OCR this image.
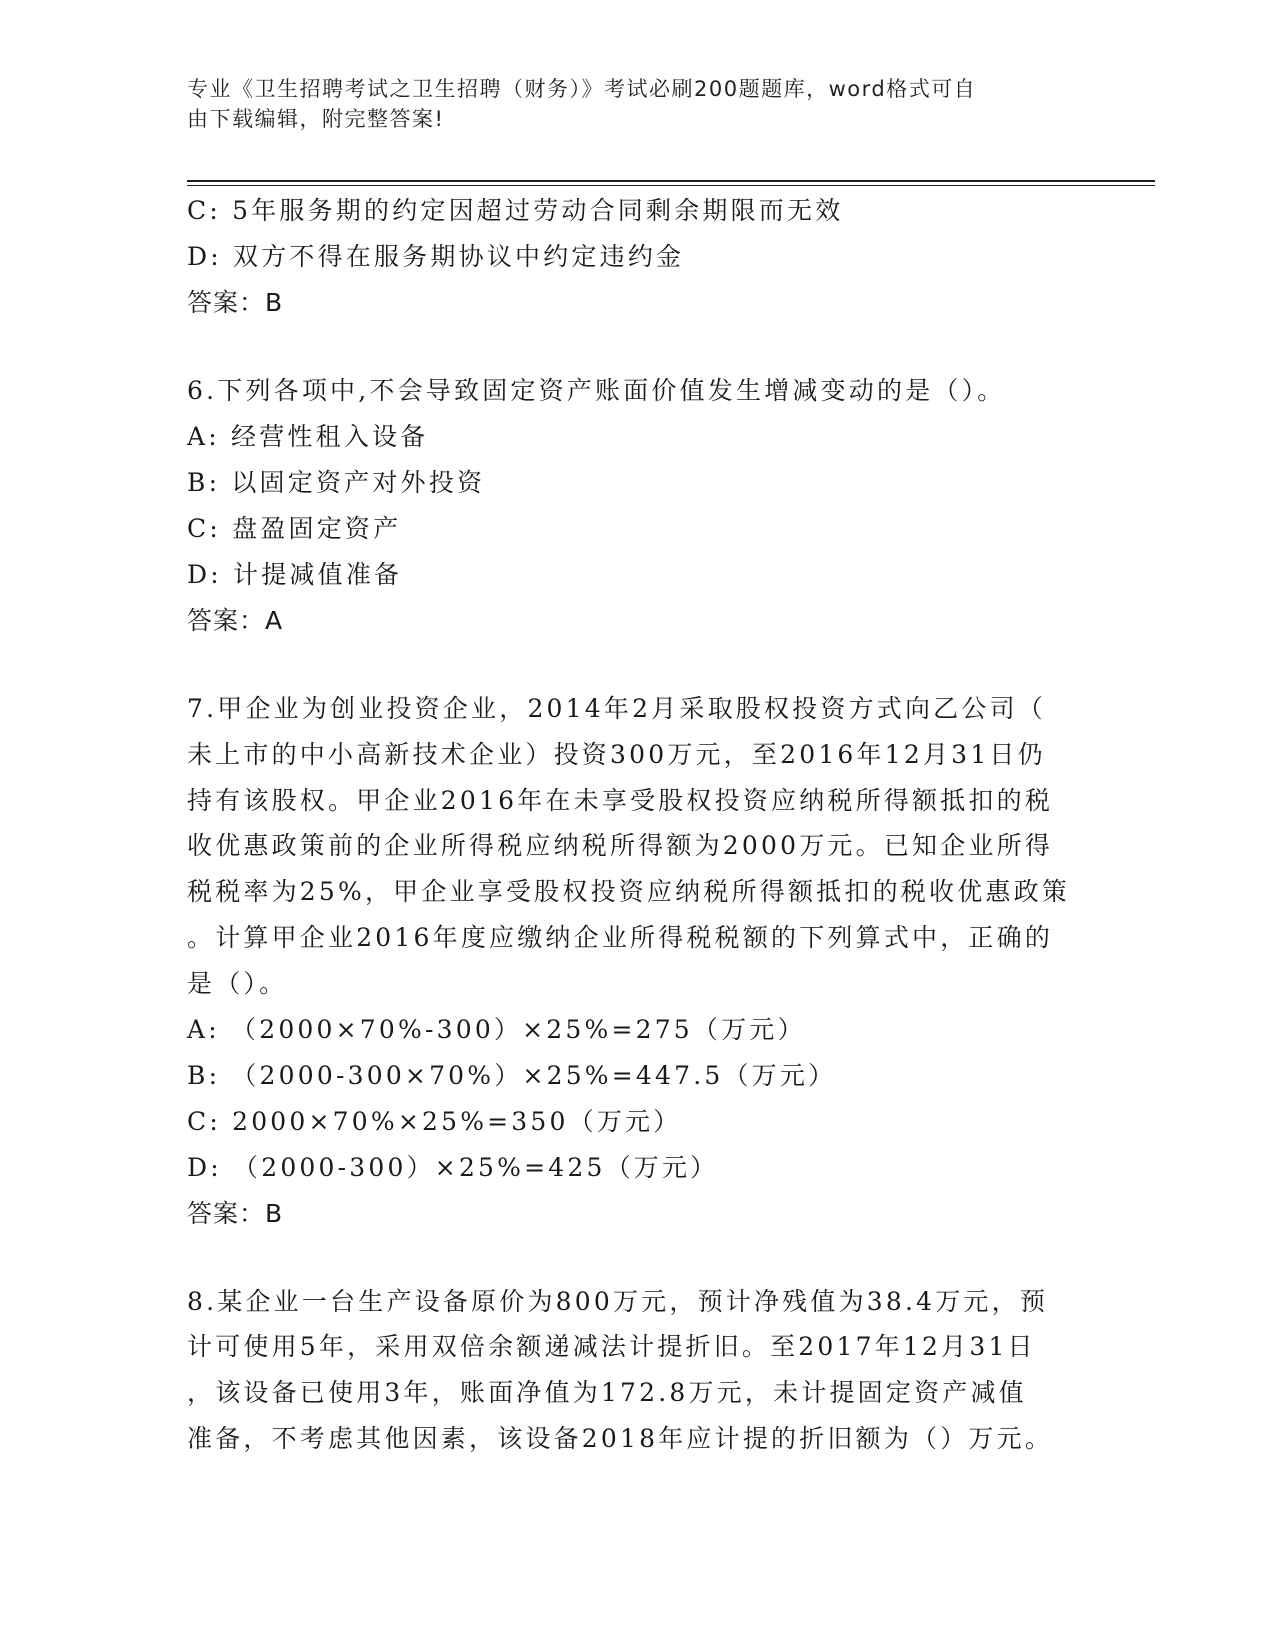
专业《卫生招聘考试之卫生招聘（财务）》考试必刷200题题库，word格式可自
由下载编辑，附完整答案!
C: 5年服务期的约定因超过劳动合同剩余期限而无效
D: 双方不得在服务期协议中约定违约金
答案：B
6.下列各项中,不会导致固定资产账面价值发生增减变动的是（）。
A: 经营性租入设备
B: 以固定资产对外投资
C: 盘盈固定资产
D: 计提减值准备
答案：A
7.甲企业为创业投资企业，2014年2月采取股权投资方式向乙公司（
未上市的中小高新技术企业）投资300万元，至2016年12月31日仍
持有该股权。甲企业2016年在未享受股权投资应纳税所得额抵扣的税
收优惠政策前的企业所得税应纳税所得额为2000万元。已知企业所得
税税率为25%，甲企业享受股权投资应纳税所得额抵扣的税收优惠政策
。计算甲企业2016年度应缴纳企业所得税税额的下列算式中，正确的
是（）。
A: （2000×70%-300）×25%=275（万元）
B: （2000-300×70%）×25%=447.5（万元）
C: 2000×70%×25%=350（万元）
D: （2000-300）×25%=425（万元）
答案：B
8.某企业一台生产设备原价为800万元，预计净残值为38.4万元，预
计可使用5年，采用双倍余额递减法计提折旧。至2017年12月31日
，该设备已使用3年，账面净值为172.8万元，未计提固定资产减值
准备，不考虑其他因素，该设备2018年应计提的折旧额为（）万元。
